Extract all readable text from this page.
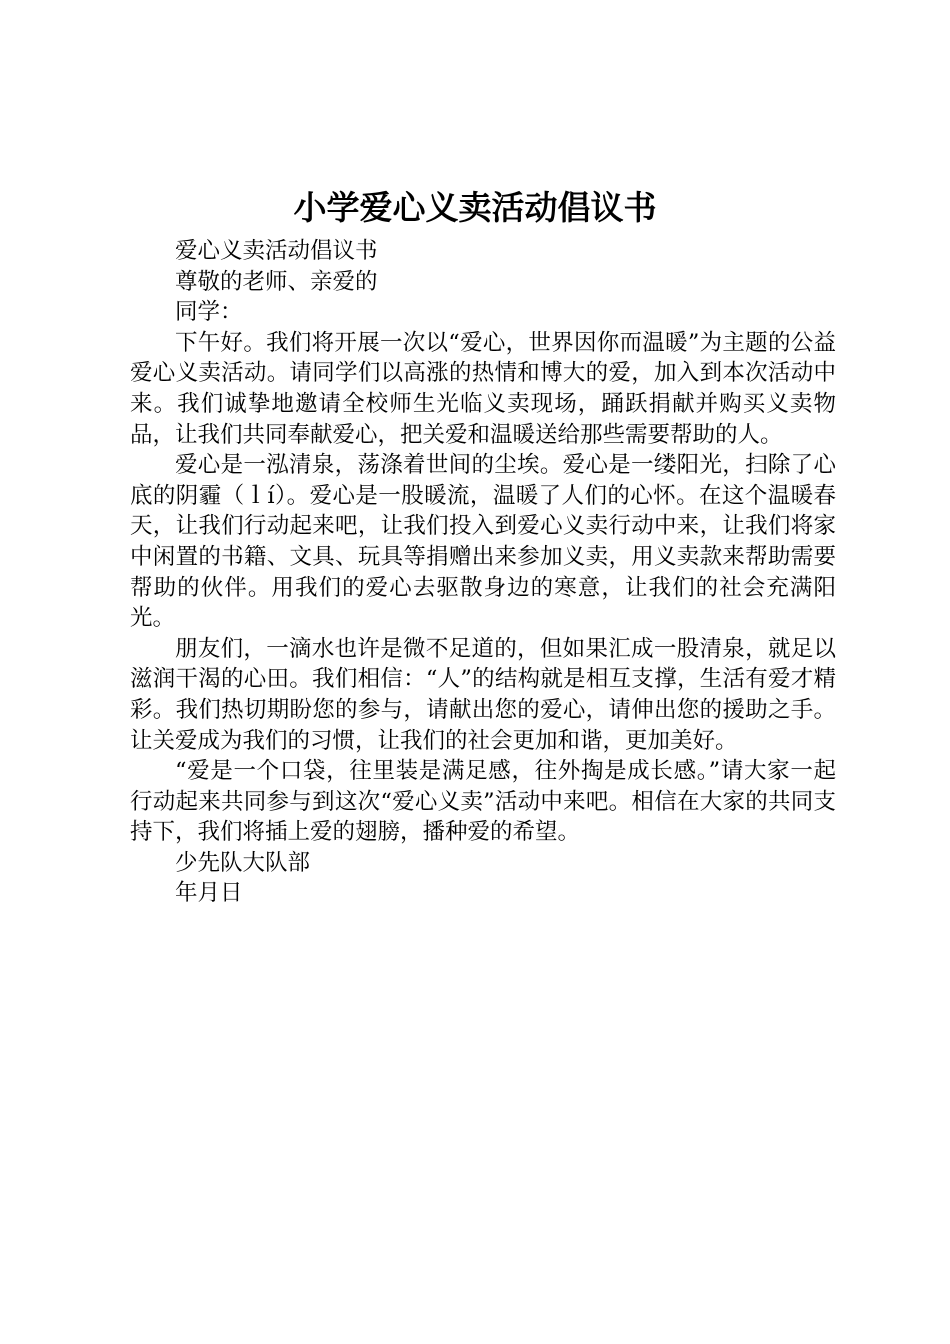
小学爱心义卖活动倡议书

爱心义卖活动倡议书

尊敬的老师、亲爱的

同学：

下午好。我们将开展一次以“爱心，世界因你而温暖”为主题的公益爱心义卖活动。请同学们以高涨的热情和博大的爱，加入到本次活动中来。我们诚挚地邀请全校师生光临义卖现场，踊跃捐献并购买义卖物品，让我们共同奉献爱心，把关爱和温暖送给那些需要帮助的人。

爱心是一泓清泉，荡涤着世间的尘埃。爱心是一缕阳光，扫除了心底的阴霾（ｌí）。爱心是一股暖流，温暖了人们的心怀。在这个温暖春天，让我们行动起来吧，让我们投入到爱心义卖行动中来，让我们将家中闲置的书籍、文具、玩具等捐赠出来参加义卖，用义卖款来帮助需要帮助的伙伴。用我们的爱心去驱散身边的寒意，让我们的社会充满阳光。

朋友们，一滴水也许是微不足道的，但如果汇成一股清泉，就足以滋润干渴的心田。我们相信：“人”的结构就是相互支撑，生活有爱才精彩。我们热切期盼您的参与，请献出您的爱心，请伸出您的援助之手。让关爱成为我们的习惯，让我们的社会更加和谐，更加美好。

“爱是一个口袋，往里装是满足感，往外掏是成长感。”请大家一起行动起来共同参与到这次“爱心义卖”活动中来吧。相信在大家的共同支持下，我们将插上爱的翅膀，播种爱的希望。

少先队大队部

年月日
